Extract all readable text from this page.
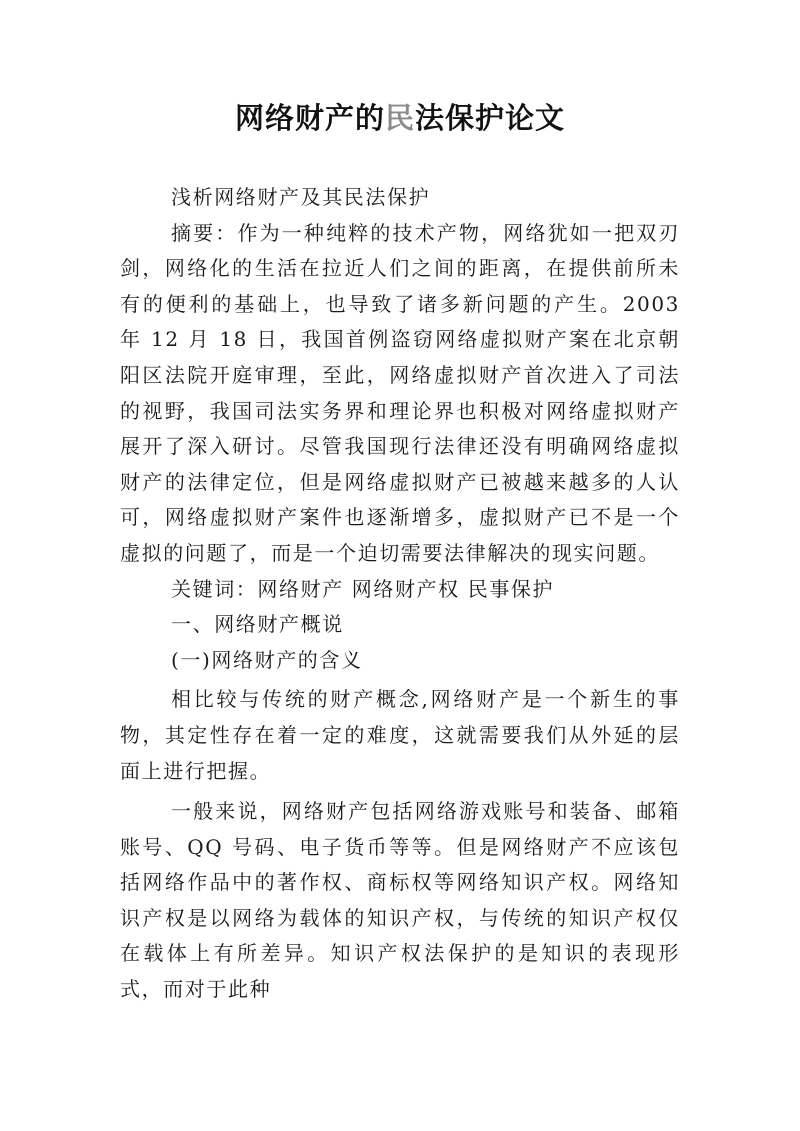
网络财产的民法保护论文

浅析网络财产及其民法保护

摘要：作为一种纯粹的技术产物，网络犹如一把双刃剑，网络化的生活在拉近人们之间的距离，在提供前所未有的便利的基础上，也导致了诸多新问题的产生。2003 年 12 月 18 日，我国首例盗窃网络虚拟财产案在北京朝阳区法院开庭审理，至此，网络虚拟财产首次进入了司法的视野，我国司法实务界和理论界也积极对网络虚拟财产展开了深入研讨。尽管我国现行法律还没有明确网络虚拟财产的法律定位，但是网络虚拟财产已被越来越多的人认可，网络虚拟财产案件也逐渐增多，虚拟财产已不是一个虚拟的问题了，而是一个迫切需要法律解决的现实问题。

关键词：网络财产 网络财产权 民事保护

一、网络财产概说

(一)网络财产的含义

相比较与传统的财产概念,网络财产是一个新生的事物，其定性存在着一定的难度，这就需要我们从外延的层面上进行把握。

一般来说，网络财产包括网络游戏账号和装备、邮箱账号、QQ 号码、电子货币等等。但是网络财产不应该包括网络作品中的著作权、商标权等网络知识产权。网络知识产权是以网络为载体的知识产权，与传统的知识产权仅在载体上有所差异。知识产权法保护的是知识的表现形式，而对于此种
